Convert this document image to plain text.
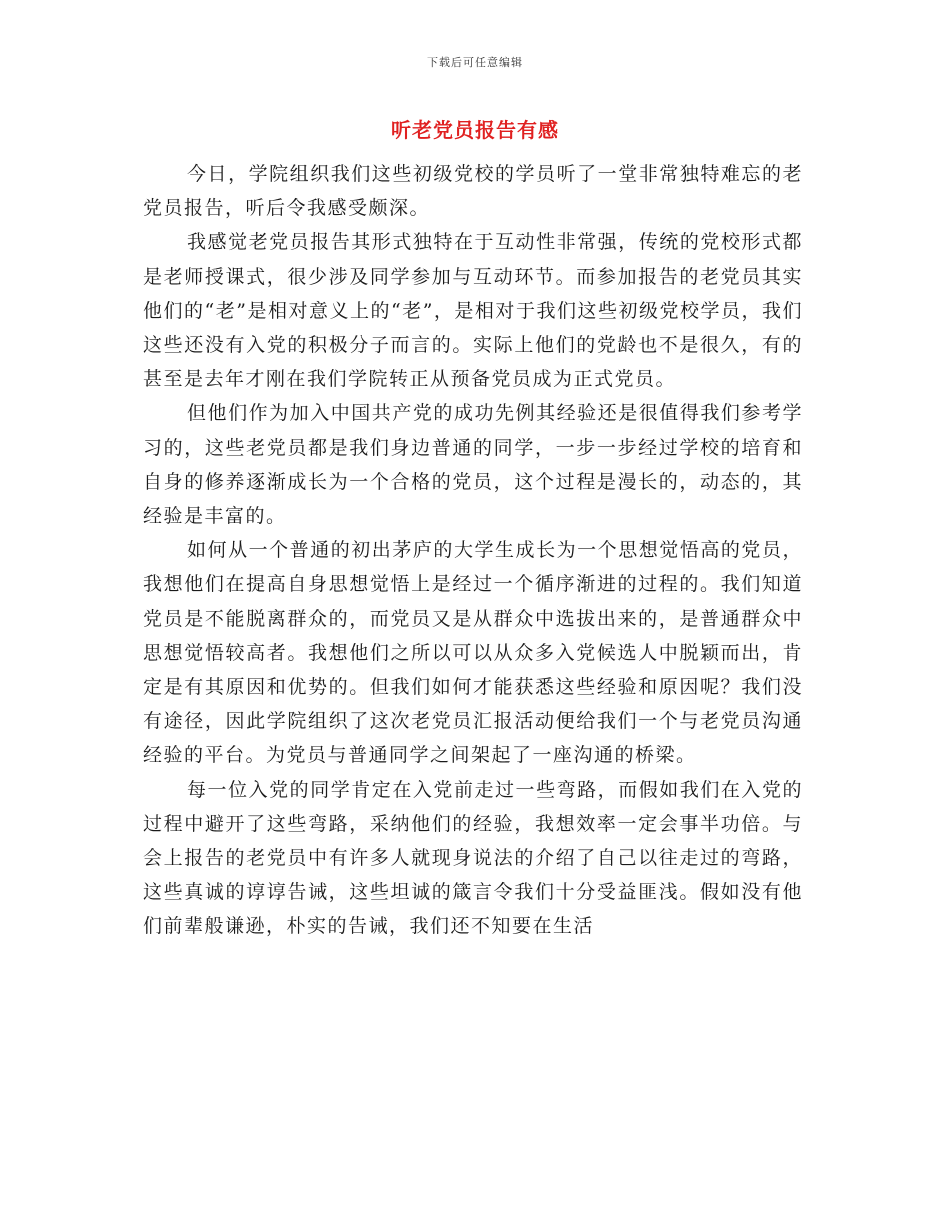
下载后可任意编辑
听老党员报告有感

今日，学院组织我们这些初级党校的学员听了一堂非常独特难忘的老党员报告，听后令我感受颇深。

我感觉老党员报告其形式独特在于互动性非常强，传统的党校形式都是老师授课式，很少涉及同学参加与互动环节。而参加报告的老党员其实他们的“老”是相对意义上的“老”，是相对于我们这些初级党校学员，我们这些还没有入党的积极分子而言的。实际上他们的党龄也不是很久，有的甚至是去年才刚在我们学院转正从预备党员成为正式党员。

但他们作为加入中国共产党的成功先例其经验还是很值得我们参考学习的，这些老党员都是我们身边普通的同学，一步一步经过学校的培育和自身的修养逐渐成长为一个合格的党员，这个过程是漫长的，动态的，其经验是丰富的。

如何从一个普通的初出茅庐的大学生成长为一个思想觉悟高的党员，我想他们在提高自身思想觉悟上是经过一个循序渐进的过程的。我们知道党员是不能脱离群众的，而党员又是从群众中选拔出来的，是普通群众中思想觉悟较高者。我想他们之所以可以从众多入党候选人中脱颖而出，肯定是有其原因和优势的。但我们如何才能获悉这些经验和原因呢？我们没有途径，因此学院组织了这次老党员汇报活动便给我们一个与老党员沟通经验的平台。为党员与普通同学之间架起了一座沟通的桥梁。

每一位入党的同学肯定在入党前走过一些弯路，而假如我们在入党的过程中避开了这些弯路，采纳他们的经验，我想效率一定会事半功倍。与会上报告的老党员中有许多人就现身说法的介绍了自己以往走过的弯路，这些真诚的谆谆告诫，这些坦诚的箴言令我们十分受益匪浅。假如没有他们前辈般谦逊，朴实的告诫，我们还不知要在生活
